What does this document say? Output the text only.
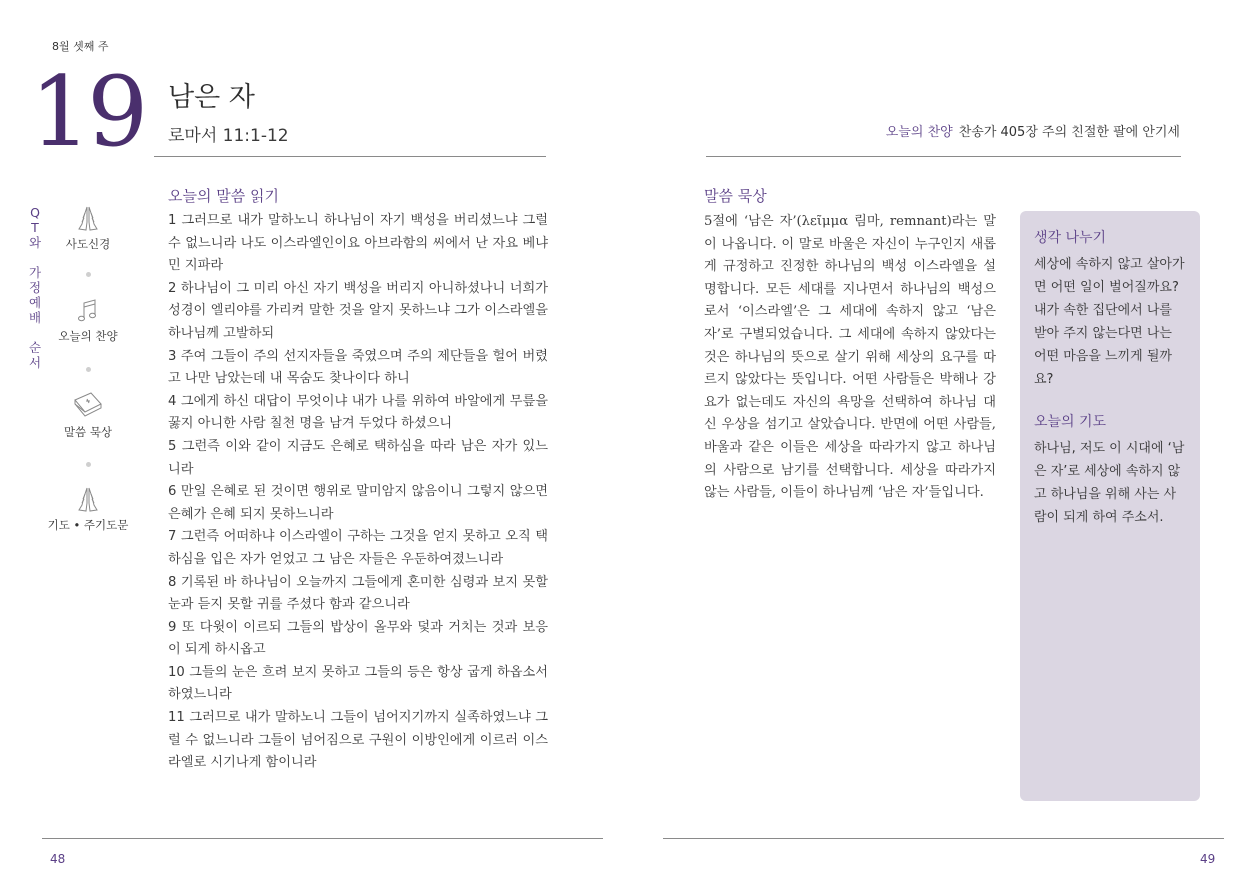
8월 셋째 주
19 남은 자
로마서 11:1-12
Q
T
와

가
정
예
배

순
서
사도신경
오늘의 찬양
말씀 묵상
기도 • 주기도문
오늘의 말씀 읽기
1 그러므로 내가 말하노니 하나님이 자기 백성을 버리셨느냐 그럴 수 없느니라 나도 이스라엘인이요 아브라함의 씨에서 난 자요 베냐민 지파라
2 하나님이 그 미리 아신 자기 백성을 버리지 아니하셨나니 너희가 성경이 엘리야를 가리켜 말한 것을 알지 못하느냐 그가 이스라엘을 하나님께 고발하되
3 주여 그들이 주의 선지자들을 죽였으며 주의 제단들을 헐어 버렸고 나만 남았는데 내 목숨도 찾나이다 하니
4 그에게 하신 대답이 무엇이냐 내가 나를 위하여 바알에게 무릎을 꿇지 아니한 사람 칠천 명을 남겨 두었다 하셨으니
5 그런즉 이와 같이 지금도 은혜로 택하심을 따라 남은 자가 있느니라
6 만일 은혜로 된 것이면 행위로 말미암지 않음이니 그렇지 않으면 은혜가 은혜 되지 못하느니라
7 그런즉 어떠하냐 이스라엘이 구하는 그것을 얻지 못하고 오직 택하심을 입은 자가 얻었고 그 남은 자들은 우둔하여졌느니라
8 기록된 바 하나님이 오늘까지 그들에게 혼미한 심령과 보지 못할 눈과 듣지 못할 귀를 주셨다 함과 같으니라
9 또 다윗이 이르되 그들의 밥상이 올무와 덫과 거치는 것과 보응이 되게 하시옵고
10 그들의 눈은 흐려 보지 못하고 그들의 등은 항상 굽게 하옵소서 하였느니라
11 그러므로 내가 말하노니 그들이 넘어지기까지 실족하였느냐 그럴 수 없느니라 그들이 넘어짐으로 구원이 이방인에게 이르러 이스라엘로 시기나게 함이니라
오늘의 찬양 찬송가 405장 주의 친절한 팔에 안기세
말씀 묵상
5절에 ‘남은 자’(λεῖμμα 림마, remnant)라는 말이 나옵니다. 이 말로 바울은 자신이 누구인지 새롭게 규정하고 진정한 하나님의 백성 이스라엘을 설명합니다. 모든 세대를 지나면서 하나님의 백성으로서 ‘이스라엘’은 그 세대에 속하지 않고 ‘남은 자’로 구별되었습니다. 그 세대에 속하지 않았다는 것은 하나님의 뜻으로 살기 위해 세상의 요구를 따르지 않았다는 뜻입니다. 어떤 사람들은 박해나 강요가 없는데도 자신의 욕망을 선택하여 하나님 대신 우상을 섬기고 살았습니다. 반면에 어떤 사람들, 바울과 같은 이들은 세상을 따라가지 않고 하나님의 사람으로 남기를 선택합니다. 세상을 따라가지 않는 사람들, 이들이 하나님께 ‘남은 자’들입니다.
생각 나누기
세상에 속하지 않고 살아가면 어떤 일이 벌어질까요? 내가 속한 집단에서 나를 받아 주지 않는다면 나는 어떤 마음을 느끼게 될까요?
오늘의 기도
하나님, 저도 이 시대에 ‘남은 자’로 세상에 속하지 않고 하나님을 위해 사는 사람이 되게 하여 주소서.
48	49
